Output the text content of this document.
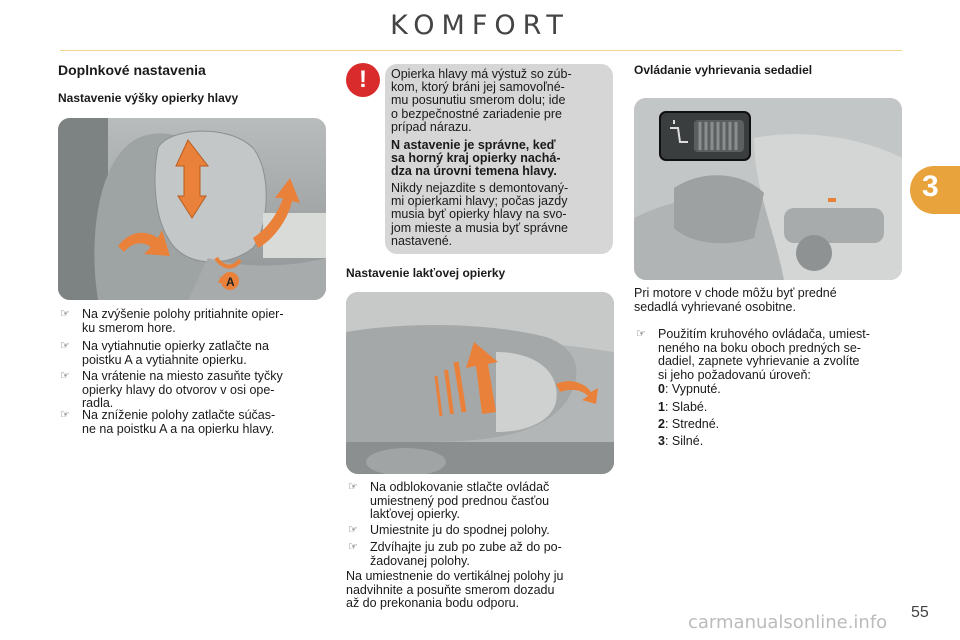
KOMFORT
3
Doplnkové nastavenia
Nastavenie výšky opierky hlavy
A
☞ Na zvýšenie polohy pritiahnite opier-
ku smerom hore.
☞ Na vytiahnutie opierky zatlačte na
poistku A a vytiahnite opierku.
☞ Na vrátenie na miesto zasuňte tyčky
opierky hlavy do otvorov v osi ope-
radla.
☞ Na zníženie polohy zatlačte súčas-
ne na poistku A a na opierku hlavy.
!	Opierka hlavy má výstuž so zúb-
kom, ktorý bráni jej samovoľné-
mu posunutiu smerom dolu; ide
o bezpečnostné zariadenie pre
prípad nárazu.
N astavenie je správne, keď
sa horný kraj opierky nachá-
dza na úrovni temena hlavy.
Nikdy nejazdite s demontovaný-
mi opierkami hlavy; počas jazdy
musia byť opierky hlavy na svo-
jom mieste a musia byť správne
nastavené.
Nastavenie lakťovej opierky
☞ Na odblokovanie stlačte ovládač
umiestnený pod prednou časťou
lakťovej opierky.
☞ Umiestnite ju do spodnej polohy.
☞ Zdvíhajte ju zub po zube až do po-
žadovanej polohy.
Na umiestnenie do vertikálnej polohy ju
nadvihnite a posuňte smerom dozadu
až do prekonania bodu odporu.
Ovládanie vyhrievania sedadiel
Pri motore v chode môžu byť predné
sedadlá vyhrievané osobitne.
☞ Použitím kruhového ovládača, umiest-
neného na boku oboch predných se-
dadiel, zapnete vyhrievanie a zvolíte
si jeho požadovanú úroveň:
0: Vypnuté.
1: Slabé.
2: Stredné.
3: Silné.
carmanualsonline.info 55
